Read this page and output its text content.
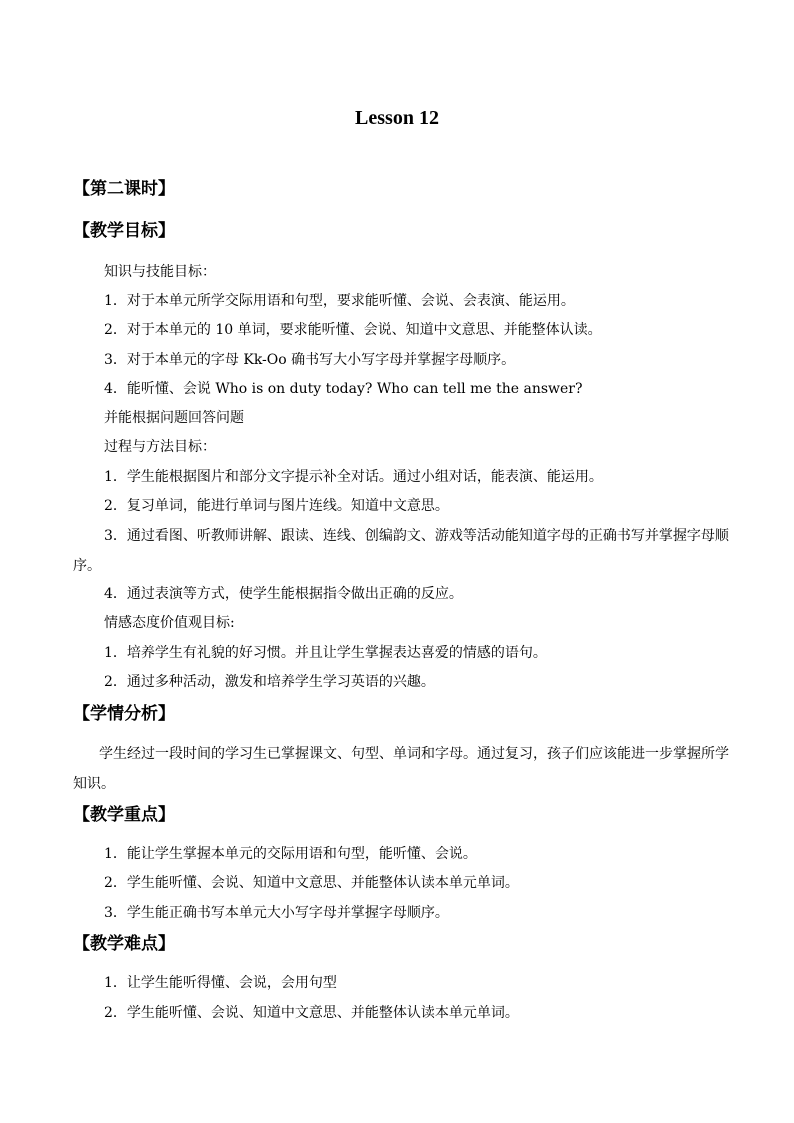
Lesson 12
【第二课时】
【教学目标】
知识与技能目标：
1．对于本单元所学交际用语和句型，要求能听懂、会说、会表演、能运用。
2．对于本单元的 10 单词，要求能听懂、会说、知道中文意思、并能整体认读。
3．对于本单元的字母 Kk-Oo 确书写大小写字母并掌握字母顺序。
4．能听懂、会说 Who is on duty today? Who can tell me the answer?
并能根据问题回答问题
过程与方法目标：
1．学生能根据图片和部分文字提示补全对话。通过小组对话，能表演、能运用。
2．复习单词，能进行单词与图片连线。知道中文意思。
3．通过看图、听教师讲解、跟读、连线、创编韵文、游戏等活动能知道字母的正确书写并掌握字母顺序。
4．通过表演等方式，使学生能根据指令做出正确的反应。
情感态度价值观目标:
1．培养学生有礼貌的好习惯。并且让学生掌握表达喜爱的情感的语句。
2．通过多种活动，激发和培养学生学习英语的兴趣。
【学情分析】
学生经过一段时间的学习生已掌握课文、句型、单词和字母。通过复习，孩子们应该能进一步掌握所学知识。
【教学重点】
1．能让学生掌握本单元的交际用语和句型，能听懂、会说。
2．学生能听懂、会说、知道中文意思、并能整体认读本单元单词。
3．学生能正确书写本单元大小写字母并掌握字母顺序。
【教学难点】
1．让学生能听得懂、会说，会用句型
2．学生能听懂、会说、知道中文意思、并能整体认读本单元单词。
